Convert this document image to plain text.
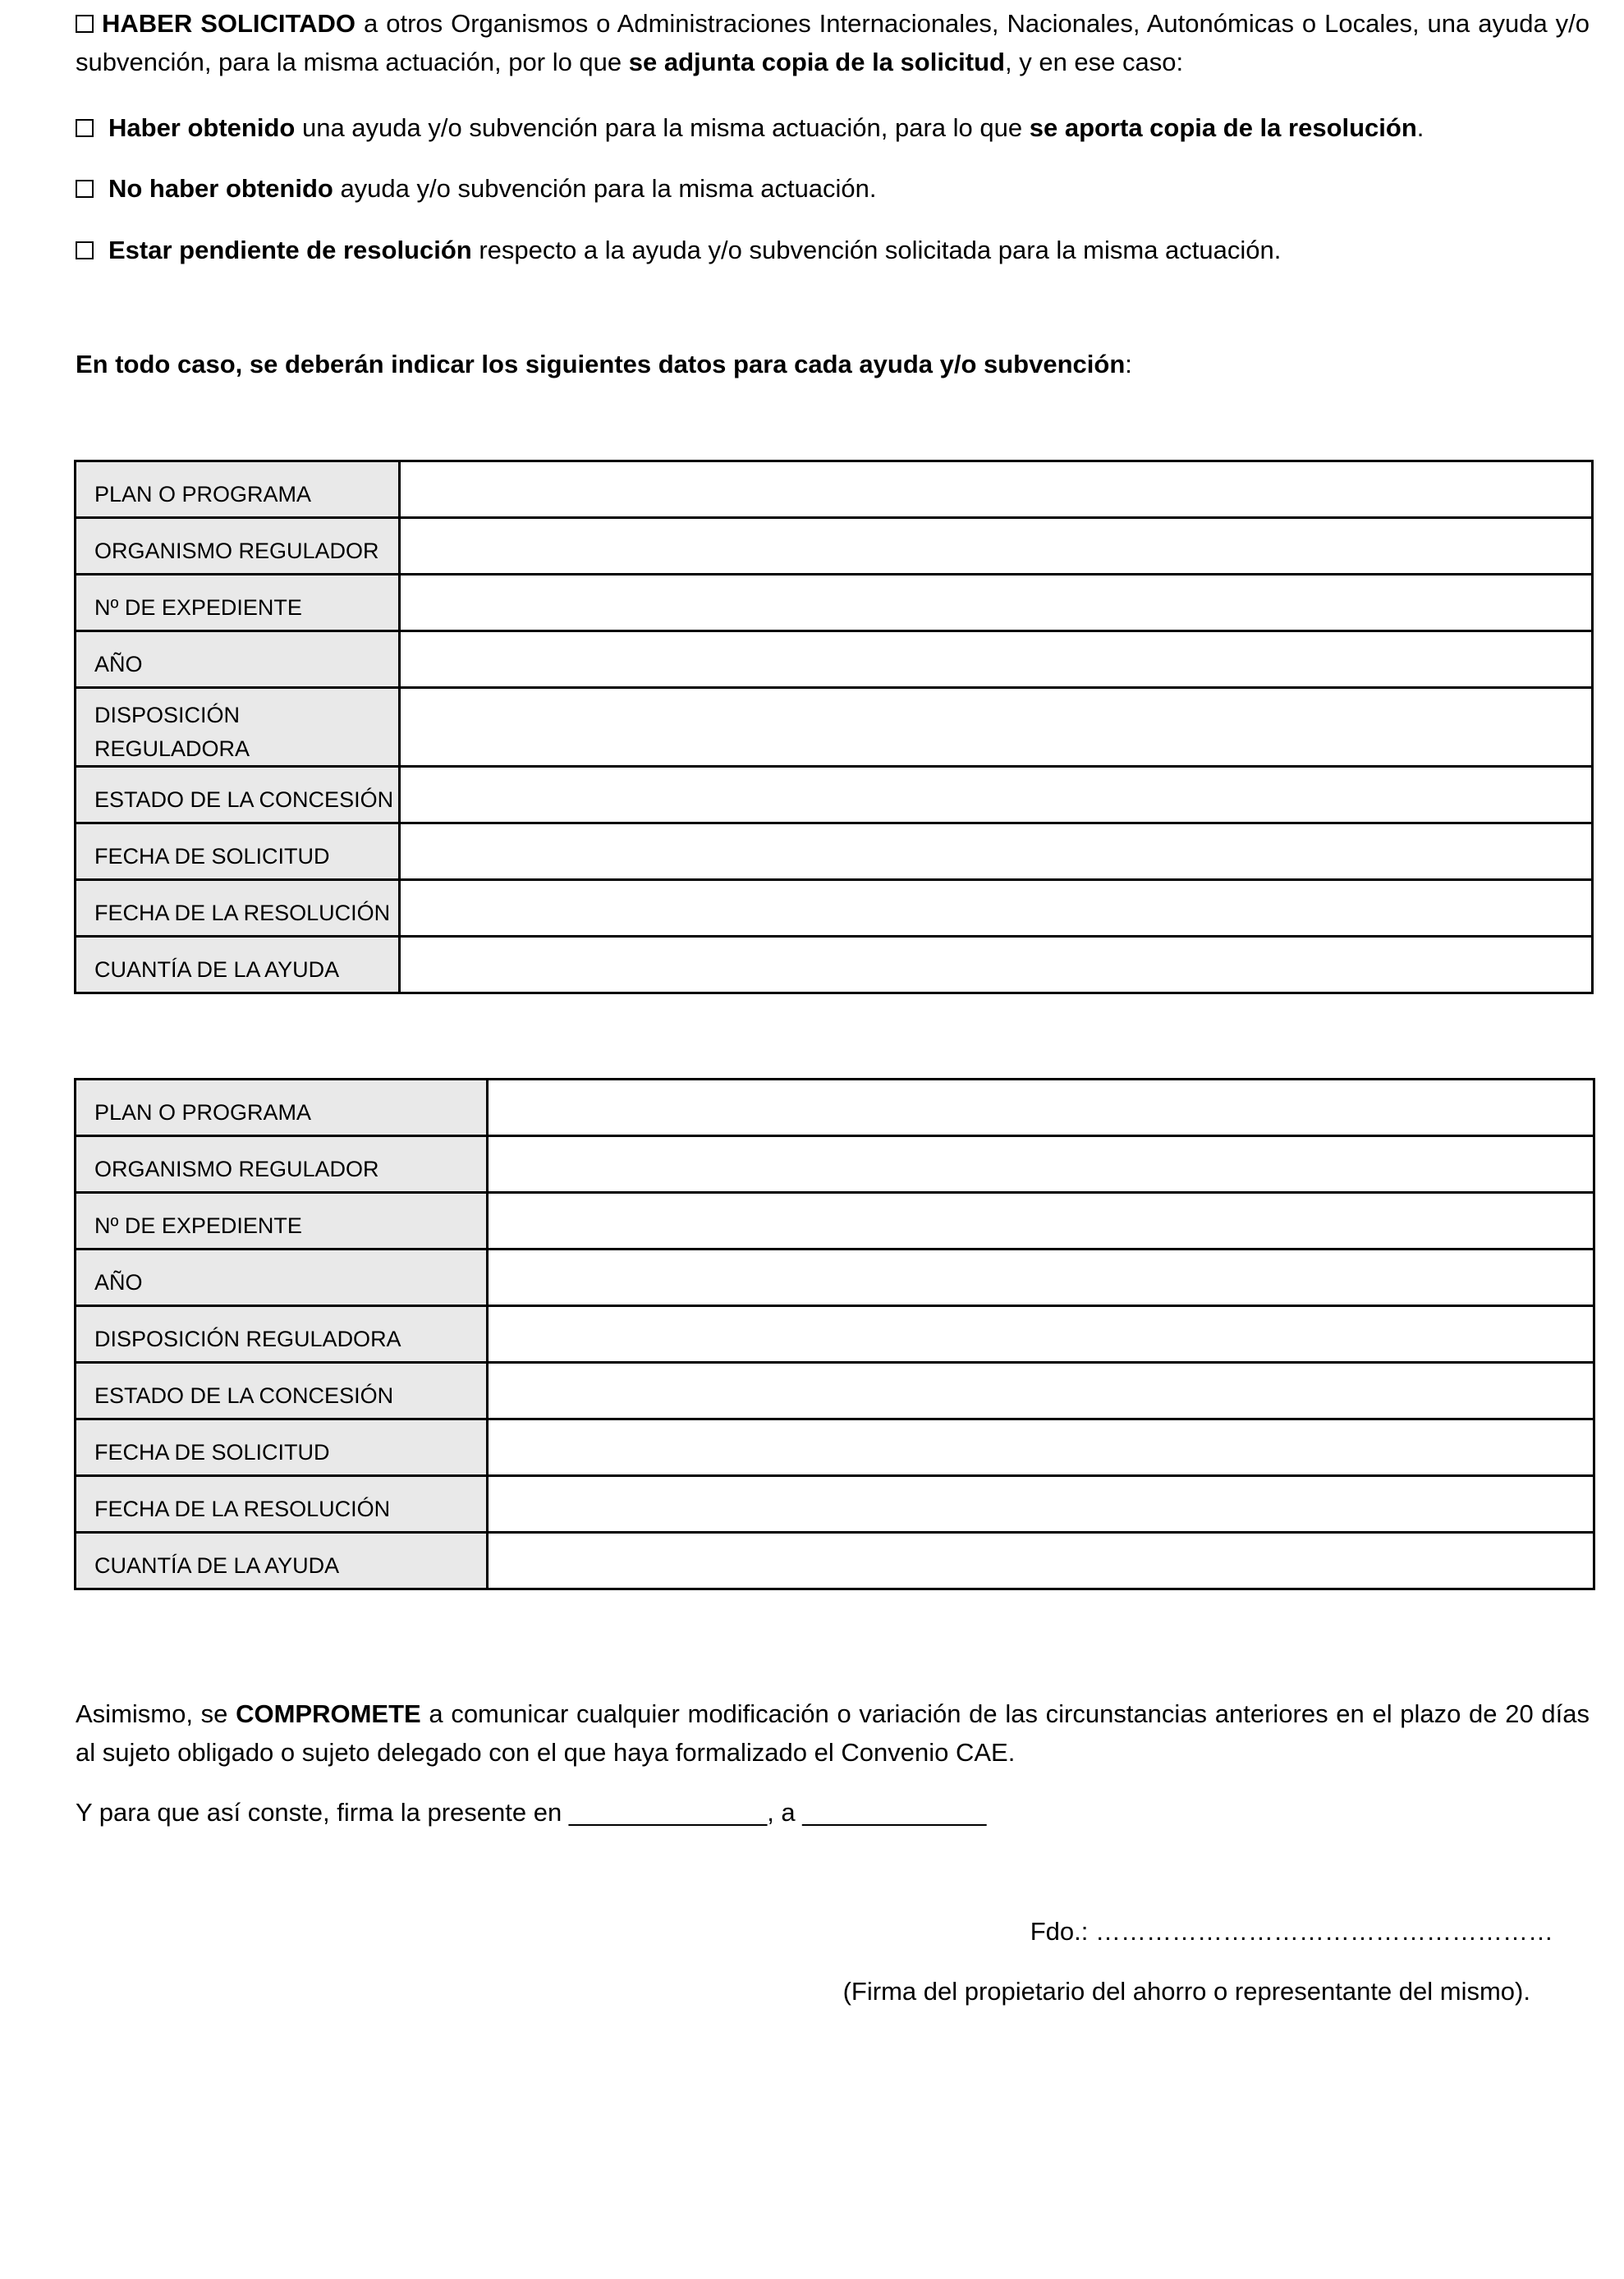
HABER SOLICITADO a otros Organismos o Administraciones Internacionales, Nacionales, Autonómicas o Locales, una ayuda y/o subvención, para la misma actuación, por lo que se adjunta copia de la solicitud, y en ese caso:

Haber obtenido una ayuda y/o subvención para la misma actuación, para lo que se aporta copia de la resolución.

No haber obtenido ayuda y/o subvención para la misma actuación.

Estar pendiente de resolución respecto a la ayuda y/o subvención solicitada para la misma actuación.

En todo caso, se deberán indicar los siguientes datos para cada ayuda y/o subvención:

PLAN O PROGRAMA	
ORGANISMO REGULADOR	
Nº DE EXPEDIENTE	
AÑO	
DISPOSICIÓN REGULADORA	
ESTADO DE LA CONCESIÓN	
FECHA DE SOLICITUD	
FECHA DE LA RESOLUCIÓN	
CUANTÍA DE LA AYUDA	
PLAN O PROGRAMA	
ORGANISMO REGULADOR	
Nº DE EXPEDIENTE	
AÑO	
DISPOSICIÓN REGULADORA	
ESTADO DE LA CONCESIÓN	
FECHA DE SOLICITUD	
FECHA DE LA RESOLUCIÓN	
CUANTÍA DE LA AYUDA	

Asimismo, se COMPROMETE a comunicar cualquier modificación o variación de las circunstancias anteriores en el plazo de 20 días al sujeto obligado o sujeto delegado con el que haya formalizado el Convenio CAE.

Y para que así conste, firma la presente en ______________, a _____________

Fdo.: ………………………………………………

(Firma del propietario del ahorro o representante del mismo).
